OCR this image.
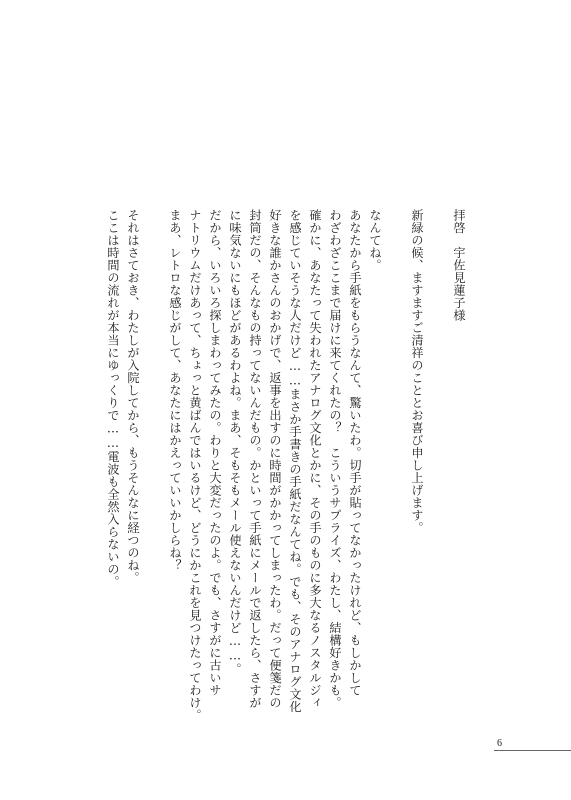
拝啓　宇佐見蓮子様
新緑の候、ますますご清祥のこととお喜び申し上げます。
なんてね。
あなたから手紙をもらうなんて、驚いたわ。切手が貼ってなかったけれど、もしかして
わざわざここまで届けに来てくれたの？　こういうサプライズ、わたし、結構好きかも。
確かに、あなたって失われたアナログ文化とかに、その手のものに多大なるノスタルジィ
を感じていそうな人だけど……まさか手書きの手紙だなんてね。でも、そのアナログ文化
好きな誰かさんのおかげで、返事を出すのに時間がかかってしまったわ。だって便箋だの
封筒だの、そんなもの持ってないんだもの。かといって手紙にメールで返したら、さすが
に味気ないにもほどがあるわよね。まあ、そもそもメール使えないんだけど……。
だから、いろいろ探しまわってみたの。わりと大変だったのよ。でも、さすがに古いサ
ナトリウムだけあって、ちょっと黄ばんではいるけど、どうにかこれを見つけたってわけ。
まあ、レトロな感じがして、あなたにはかえっていいかしらね？
それはさておき、わたしが入院してから、もうそんなに経つのね。
ここは時間の流れが本当にゆっくりで……電波も全然入らないの。
6
